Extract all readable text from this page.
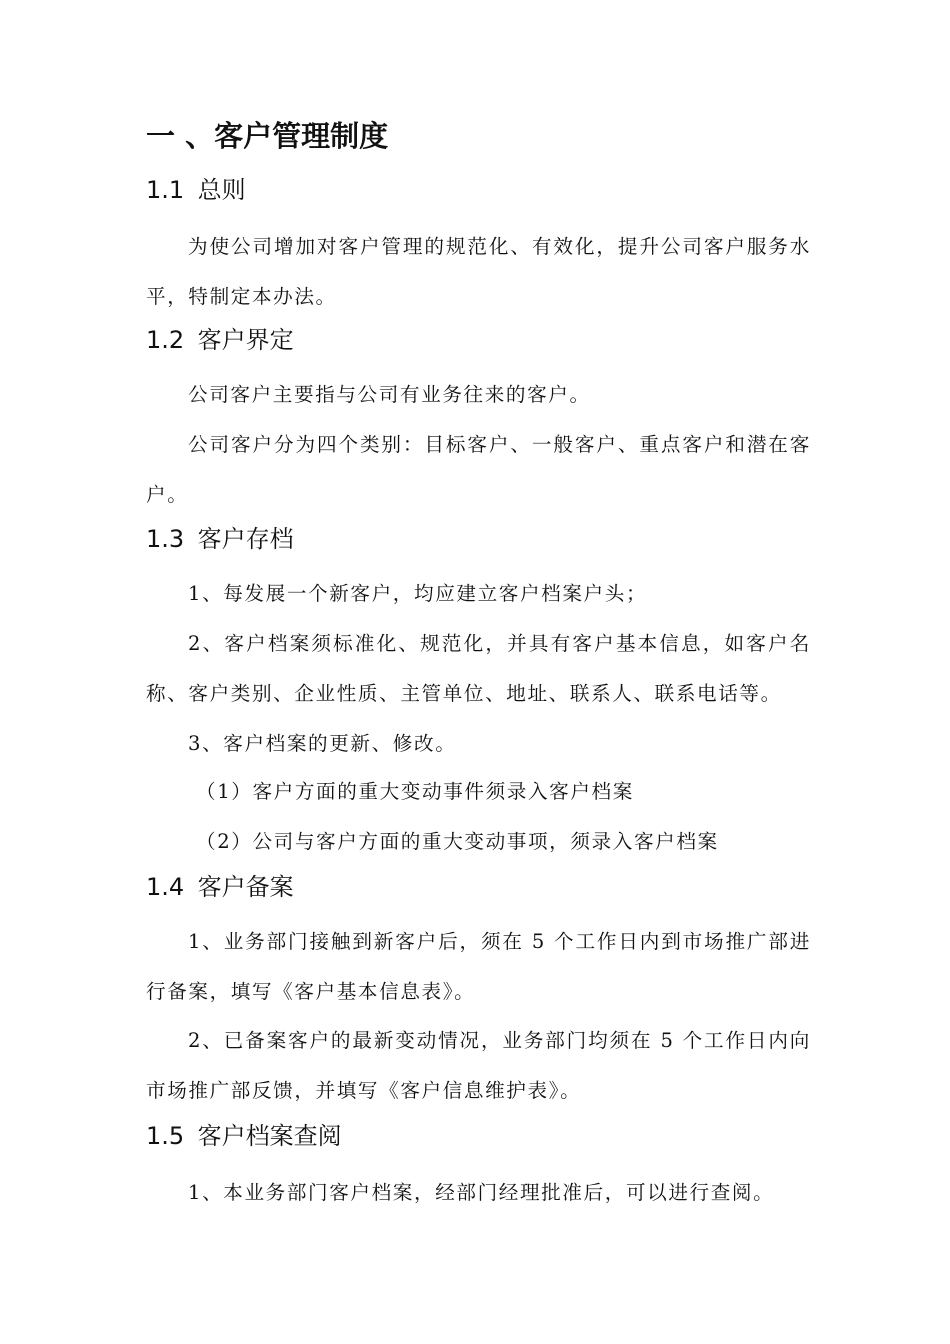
一 、客户管理制度
1.1 总则
为使公司增加对客户管理的规范化、有效化，提升公司客户服务水平，特制定本办法。
1.2 客户界定
公司客户主要指与公司有业务往来的客户。
公司客户分为四个类别：目标客户、一般客户、重点客户和潜在客户。
1.3 客户存档
1、每发展一个新客户，均应建立客户档案户头；
2、客户档案须标准化、规范化，并具有客户基本信息，如客户名称、客户类别、企业性质、主管单位、地址、联系人、联系电话等。
3、客户档案的更新、修改。
（1）客户方面的重大变动事件须录入客户档案
（2）公司与客户方面的重大变动事项，须录入客户档案
1.4 客户备案
1、业务部门接触到新客户后，须在 5 个工作日内到市场推广部进行备案，填写《客户基本信息表》。
2、已备案客户的最新变动情况，业务部门均须在 5 个工作日内向市场推广部反馈，并填写《客户信息维护表》。
1.5 客户档案查阅
1、本业务部门客户档案，经部门经理批准后，可以进行查阅。
